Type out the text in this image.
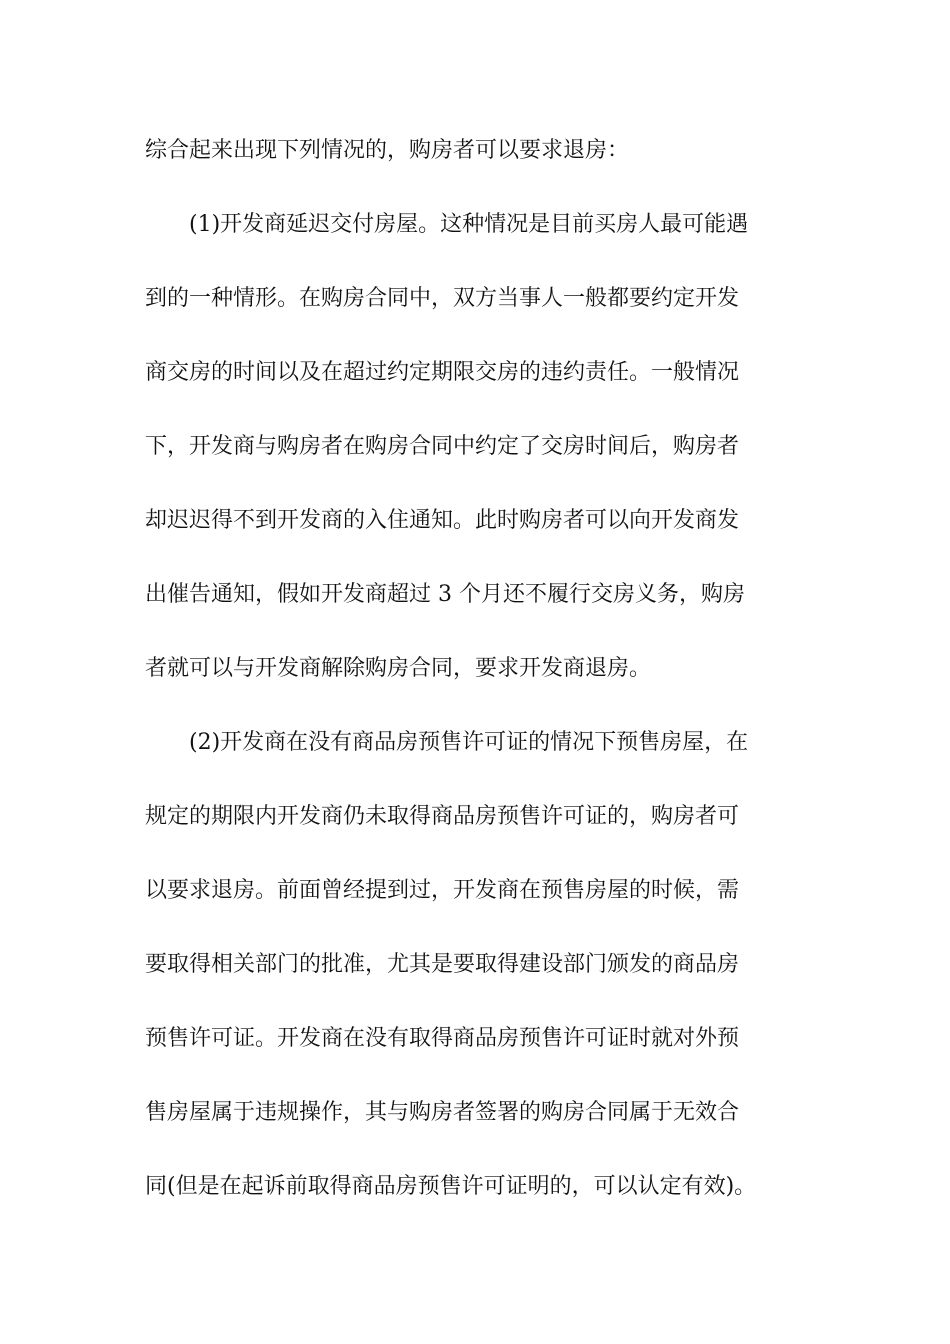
综合起来出现下列情况的，购房者可以要求退房：
(1)开发商延迟交付房屋。这种情况是目前买房人最可能遇
到的一种情形。在购房合同中，双方当事人一般都要约定开发
商交房的时间以及在超过约定期限交房的违约责任。一般情况
下，开发商与购房者在购房合同中约定了交房时间后，购房者
却迟迟得不到开发商的入住通知。此时购房者可以向开发商发
出催告通知，假如开发商超过 3 个月还不履行交房义务，购房
者就可以与开发商解除购房合同，要求开发商退房。
(2)开发商在没有商品房预售许可证的情况下预售房屋，在
规定的期限内开发商仍未取得商品房预售许可证的，购房者可
以要求退房。前面曾经提到过，开发商在预售房屋的时候，需
要取得相关部门的批准，尤其是要取得建设部门颁发的商品房
预售许可证。开发商在没有取得商品房预售许可证时就对外预
售房屋属于违规操作，其与购房者签署的购房合同属于无效合
同(但是在起诉前取得商品房预售许可证明的，可以认定有效)。
